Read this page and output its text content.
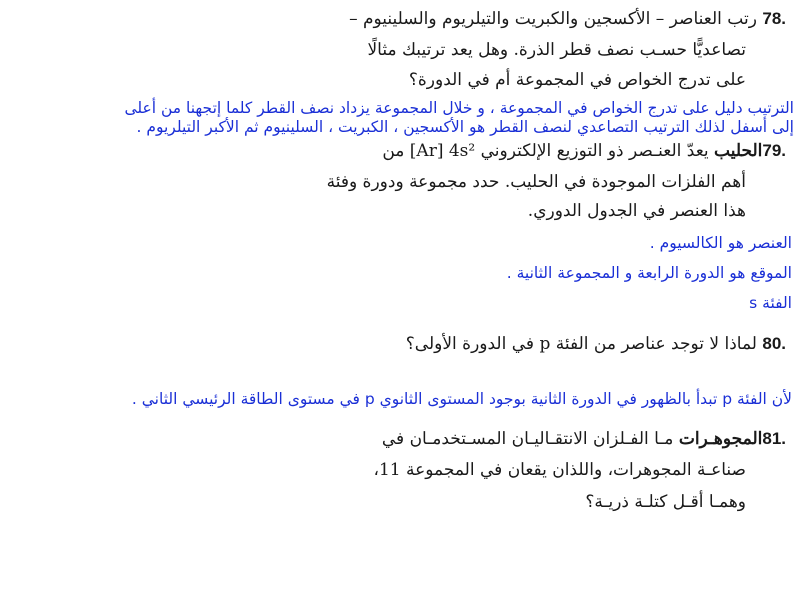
78. رتب العناصر – الأكسجين والكبريت والتيلريوم والسلينيوم –
تصاعديًّا حسـب نصف قطر الذرة. وهل يعد ترتيبك مثالًا
على تدرج الخواص في المجموعة أم في الدورة؟
الترتيب دليل على تدرج الخواص في المجموعة ، و خلال المجموعة يزداد نصف القطر كلما إتجهنا من أعلى
إلى أسفل لذلك الترتيب التصاعدي لنصف القطر هو الأكسجين ، الكبريت ، السلينيوم ثم الأكبر التيلريوم .
79.الحليب يعدّ العنـصر ذو التوزيع الإلكتروني [Ar] 4s² من
أهم الفلزات الموجودة في الحليب. حدد مجموعة ودورة وفئة
هذا العنصر في الجدول الدوري.
العنصر هو الكالسيوم .
الموقع هو الدورة الرابعة و المجموعة الثانية .
الفئة s
80. لماذا لا توجد عناصر من الفئة p في الدورة الأولى؟
لأن الفئة p تبدأ بالظهور في الدورة الثانية بوجود المستوى الثانوي p في مستوى الطاقة الرئيسي الثاني .
81.المجوهـرات مـا الفـلزان الانتقـاليـان المسـتخدمـان في
صناعـة المجوهرات، واللذان يقعان في المجموعة 11،
وهمـا أقـل كتلـة ذريـة؟
